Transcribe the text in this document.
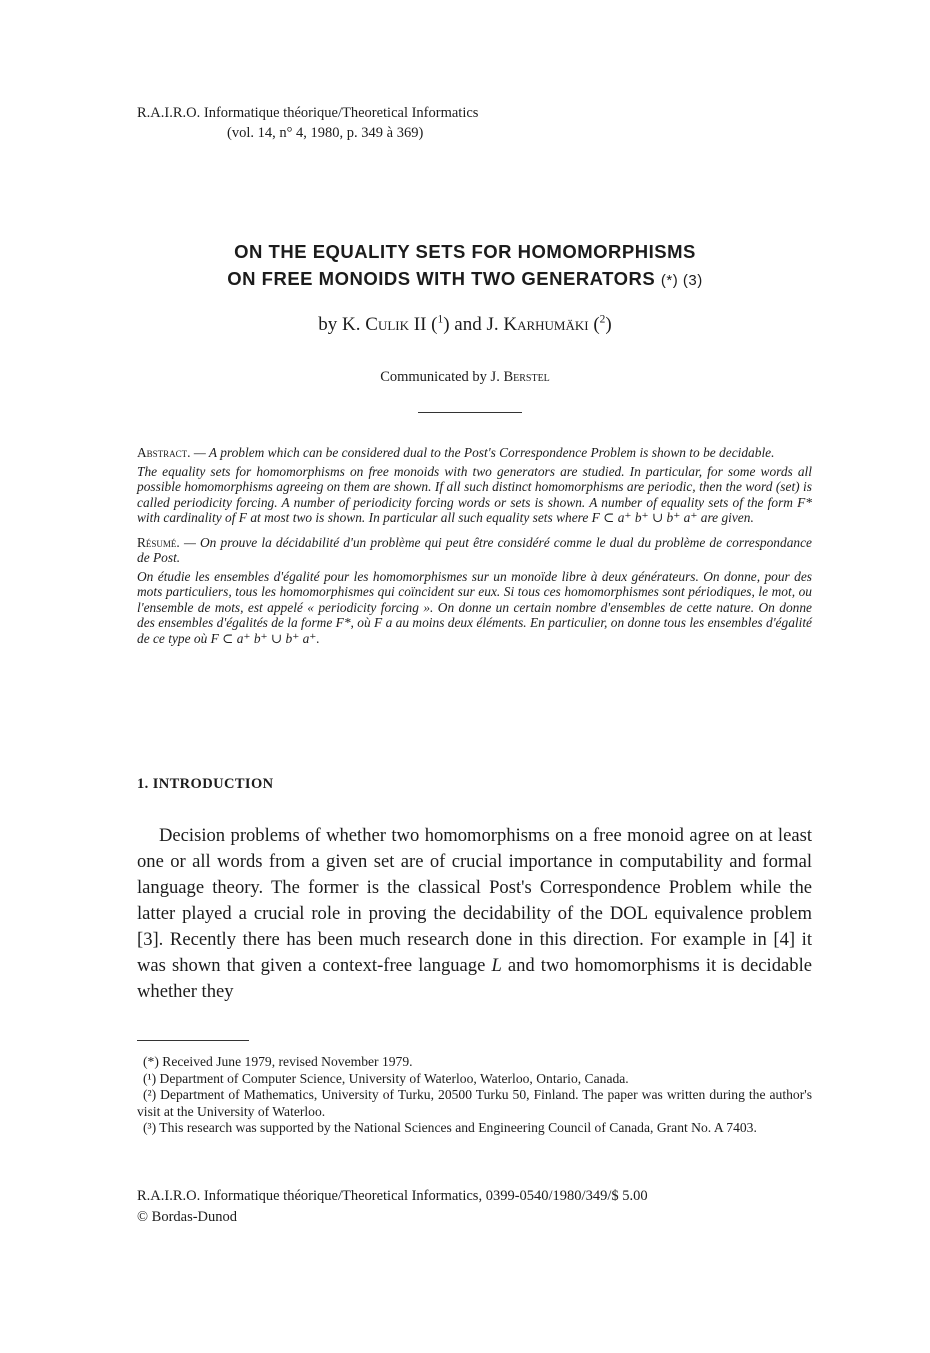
R.A.I.R.O. Informatique théorique/Theoretical Informatics
(vol. 14, n° 4, 1980, p. 349 à 369)
ON THE EQUALITY SETS FOR HOMOMORPHISMS
ON FREE MONOIDS WITH TWO GENERATORS (*) (3)
by K. Culik II ($^1$) and J. Karhumäki ($^2$)
Communicated by J. Berstel

Abstract. — A problem which can be considered dual to the Post's Correspondence Problem is shown to be decidable.

The equality sets for homomorphisms on free monoids with two generators are studied. In particular, for some words all possible homomorphisms agreeing on them are shown. If all such distinct homomorphisms are periodic, then the word (set) is called periodicity forcing. A number of periodicity forcing words or sets is shown. A number of equality sets of the form F* with cardinality of F at most two is shown. In particular all such equality sets where F ⊂ a⁺ b⁺ ∪ b⁺ a⁺ are given.

Résumé. — On prouve la décidabilité d'un problème qui peut être considéré comme le dual du problème de correspondance de Post.

On étudie les ensembles d'égalité pour les homomorphismes sur un monoïde libre à deux générateurs. On donne, pour des mots particuliers, tous les homomorphismes qui coïncident sur eux. Si tous ces homomorphismes sont périodiques, le mot, ou l'ensemble de mots, est appelé « periodicity forcing ». On donne un certain nombre d'ensembles de cette nature. On donne des ensembles d'égalités de la forme F*, où F a au moins deux éléments. En particulier, on donne tous les ensembles d'égalité de ce type où F ⊂ a⁺ b⁺ ∪ b⁺ a⁺.

1. INTRODUCTION

Decision problems of whether two homomorphisms on a free monoid agree on at least one or all words from a given set are of crucial importance in computability and formal language theory. The former is the classical Post's Correspondence Problem while the latter played a crucial role in proving the decidability of the DOL equivalence problem [3]. Recently there has been much research done in this direction. For example in [4] it was shown that given a context-free language L and two homomorphisms it is decidable whether they

(*) Received June 1979, revised November 1979.

(¹) Department of Computer Science, University of Waterloo, Waterloo, Ontario, Canada.

(²) Department of Mathematics, University of Turku, 20500 Turku 50, Finland. The paper was written during the author's visit at the University of Waterloo.

(³) This research was supported by the National Sciences and Engineering Council of Canada, Grant No. A 7403.

R.A.I.R.O. Informatique théorique/Theoretical Informatics, 0399-0540/1980/349/$ 5.00
© Bordas-Dunod
